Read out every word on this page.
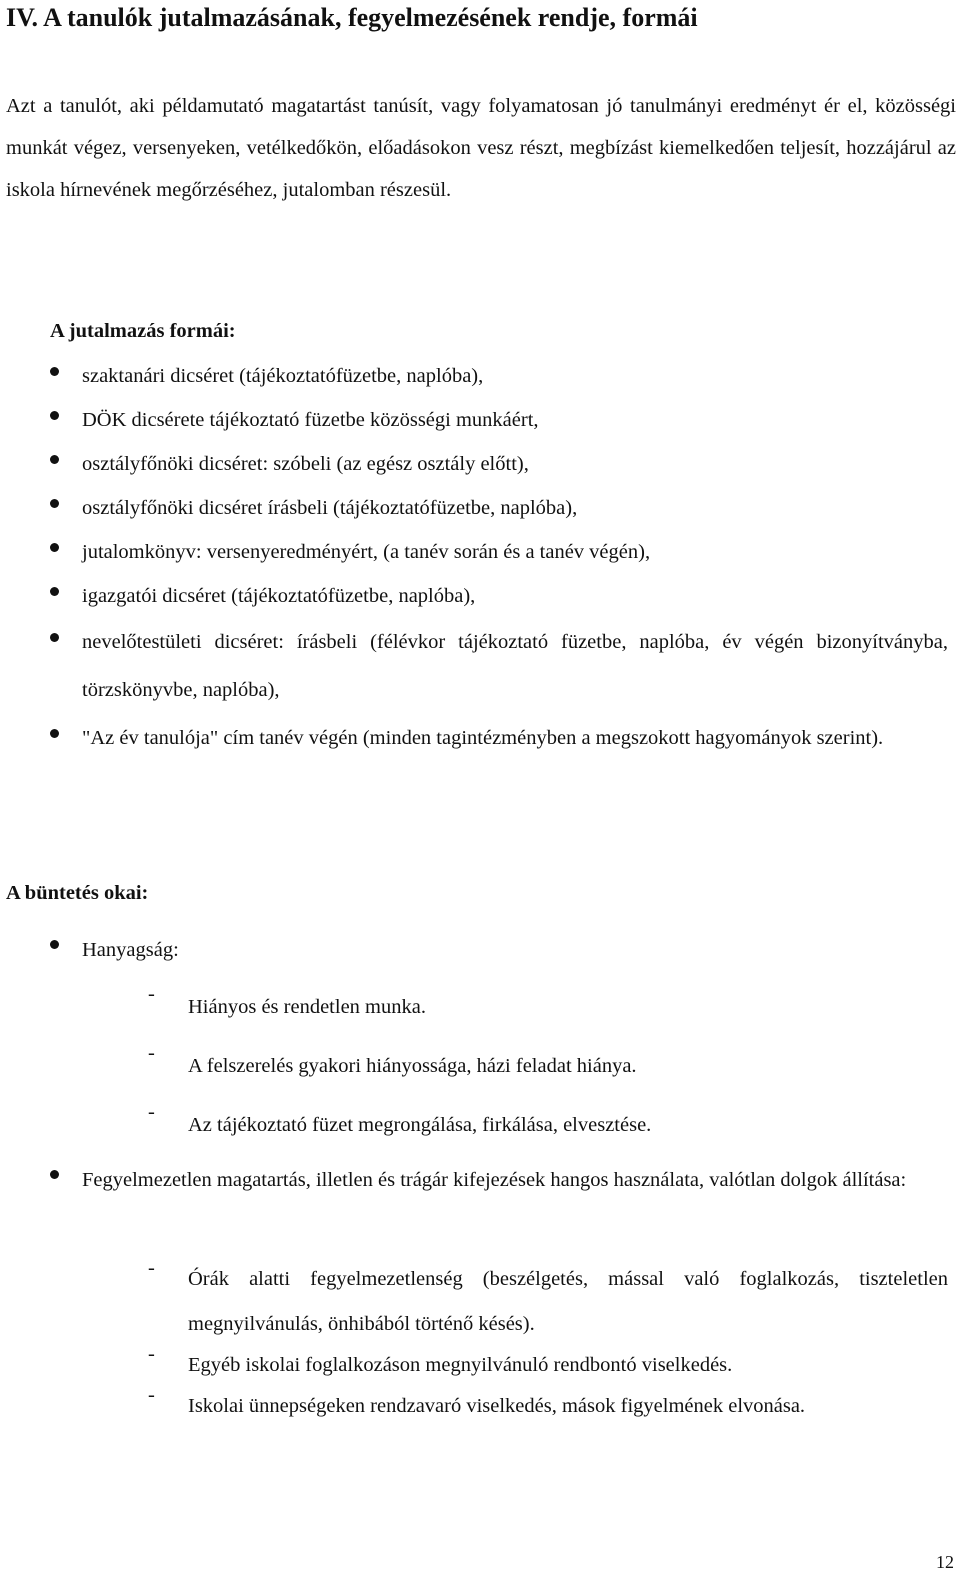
IV. A tanulók jutalmazásának, fegyelmezésének rendje, formái

Azt a tanulót, aki példamutató magatartást tanúsít, vagy folyamatosan jó tanulmányi eredményt ér el, közösségi munkát végez, versenyeken, vetélkedőkön, előadásokon vesz részt, megbízást kiemelkedően teljesít, hozzájárul az iskola hírnevének megőrzéséhez, jutalomban részesül.

A jutalmazás formái:
szaktanári dicséret (tájékoztatófüzetbe, naplóba),
DÖK dicsérete tájékoztató füzetbe közösségi munkáért,
osztályfőnöki dicséret: szóbeli (az egész osztály előtt),
osztályfőnöki dicséret írásbeli (tájékoztatófüzetbe, naplóba),
jutalomkönyv: versenyeredményért, (a tanév során és a tanév végén),
igazgatói dicséret (tájékoztatófüzetbe, naplóba),
nevelőtestületi dicséret: írásbeli (félévkor tájékoztató füzetbe, naplóba, év végén bizonyítványba, törzskönyvbe, naplóba),
"Az év tanulója" cím tanév végén (minden tagintézményben a megszokott hagyományok szerint).
A büntetés okai:
Hanyagság:
-
Hiányos és rendetlen munka.
-
A felszerelés gyakori hiányossága, házi feladat hiánya.
-
Az tájékoztató füzet megrongálása, firkálása, elvesztése.
Fegyelmezetlen magatartás, illetlen és trágár kifejezések hangos használata, valótlan dolgok állítása:
-	Órák alatti fegyelmezetlenség (beszélgetés, mással való foglalkozás, tiszteletlen megnyilvánulás, önhibából történő késés).
-	Egyéb iskolai foglalkozáson megnyilvánuló rendbontó viselkedés.
-	Iskolai ünnepségeken rendzavaró viselkedés, mások figyelmének elvonása.
12
